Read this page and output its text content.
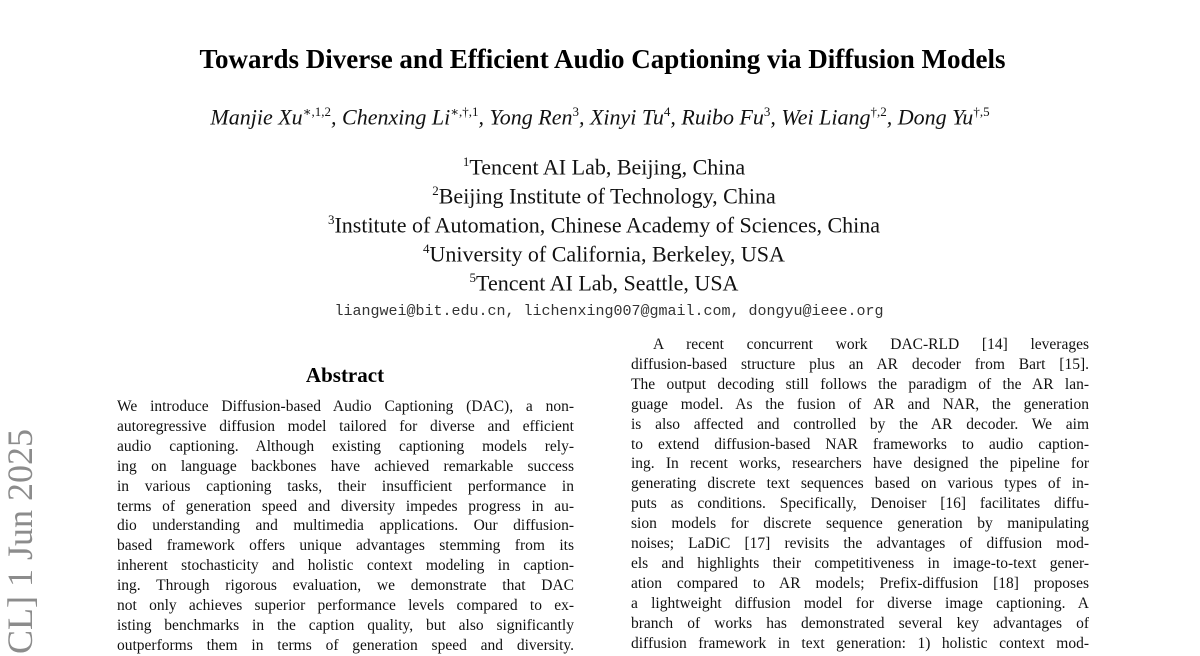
Towards Diverse and Efficient Audio Captioning via Diffusion Models
Manjie $Xu^{∗,1,2}$, Chenxing $Li^{∗,\dagger,1}$, Yong Ren$^3$, Xinyi Tu$^4$, Ruibo Fu$^3$, Wei Liang$^{\dagger,2}$, Dong $Yu^{\dagger,5}$
$^1$Tencent AI Lab, Beijing, China
$^2$Beijing Institute of Technology, China
$^3$Institute of Automation, Chinese Academy of Sciences, China
$^4$University of California, Berkeley, USA
$^5$Tencent AI Lab, Seattle, USA
liangwei@bit.edu.cn, lichenxing007@gmail.com, dongyu@ieee.org
Abstract
We introduce Diffusion-based Audio Captioning (DAC), a non-
autoregressive diffusion model tailored for diverse and efficient
audio captioning. Although existing captioning models rely-
ing on language backbones have achieved remarkable success
in various captioning tasks, their insufficient performance in
terms of generation speed and diversity impedes progress in au-
dio understanding and multimedia applications. Our diffusion-
based framework offers unique advantages stemming from its
inherent stochasticity and holistic context modeling in caption-
ing. Through rigorous evaluation, we demonstrate that DAC
not only achieves superior performance levels compared to ex-
isting benchmarks in the caption quality, but also significantly
outperforms them in terms of generation speed and diversity.
A recent concurrent work DAC-RLD [14] leverages
diffusion-based structure plus an AR decoder from Bart [15].
The output decoding still follows the paradigm of the AR lan-
guage model. As the fusion of AR and NAR, the generation
is also affected and controlled by the AR decoder. We aim
to extend diffusion-based NAR frameworks to audio caption-
ing. In recent works, researchers have designed the pipeline for
generating discrete text sequences based on various types of in-
puts as conditions. Specifically, Denoiser [16] facilitates diffu-
sion models for discrete sequence generation by manipulating
noises; LaDiC [17] revisits the advantages of diffusion mod-
els and highlights their competitiveness in image-to-text gener-
ation compared to AR models; Prefix-diffusion [18] proposes
a lightweight diffusion model for diverse image captioning. A
branch of works has demonstrated several key advantages of
diffusion framework in text generation: 1) holistic context mod-
CL] 1 Jun 2025
